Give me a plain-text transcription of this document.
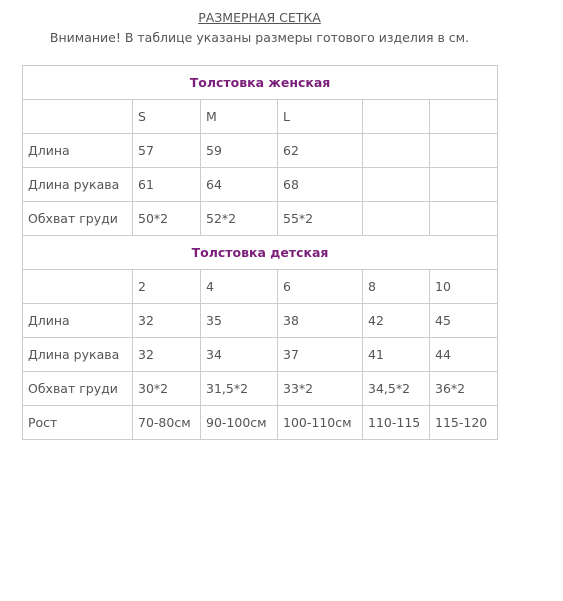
РАЗМЕРНАЯ СЕТКА
Внимание! В таблице указаны размеры готового изделия в см.
Толстовка женская					
	S	M	L		
Длина	57	59	62		
Длина рукава	61	64	68		
Обхват груди	50*2	52*2	55*2		
Толстовка детская					
	2	4	6	8	10
Длина	32	35	38	42	45
Длина рукава	32	34	37	41	44
Обхват груди	30*2	31,5*2	33*2	34,5*2	36*2
Рост	70-80см	90-100см	100-110см	110-115	115-120
